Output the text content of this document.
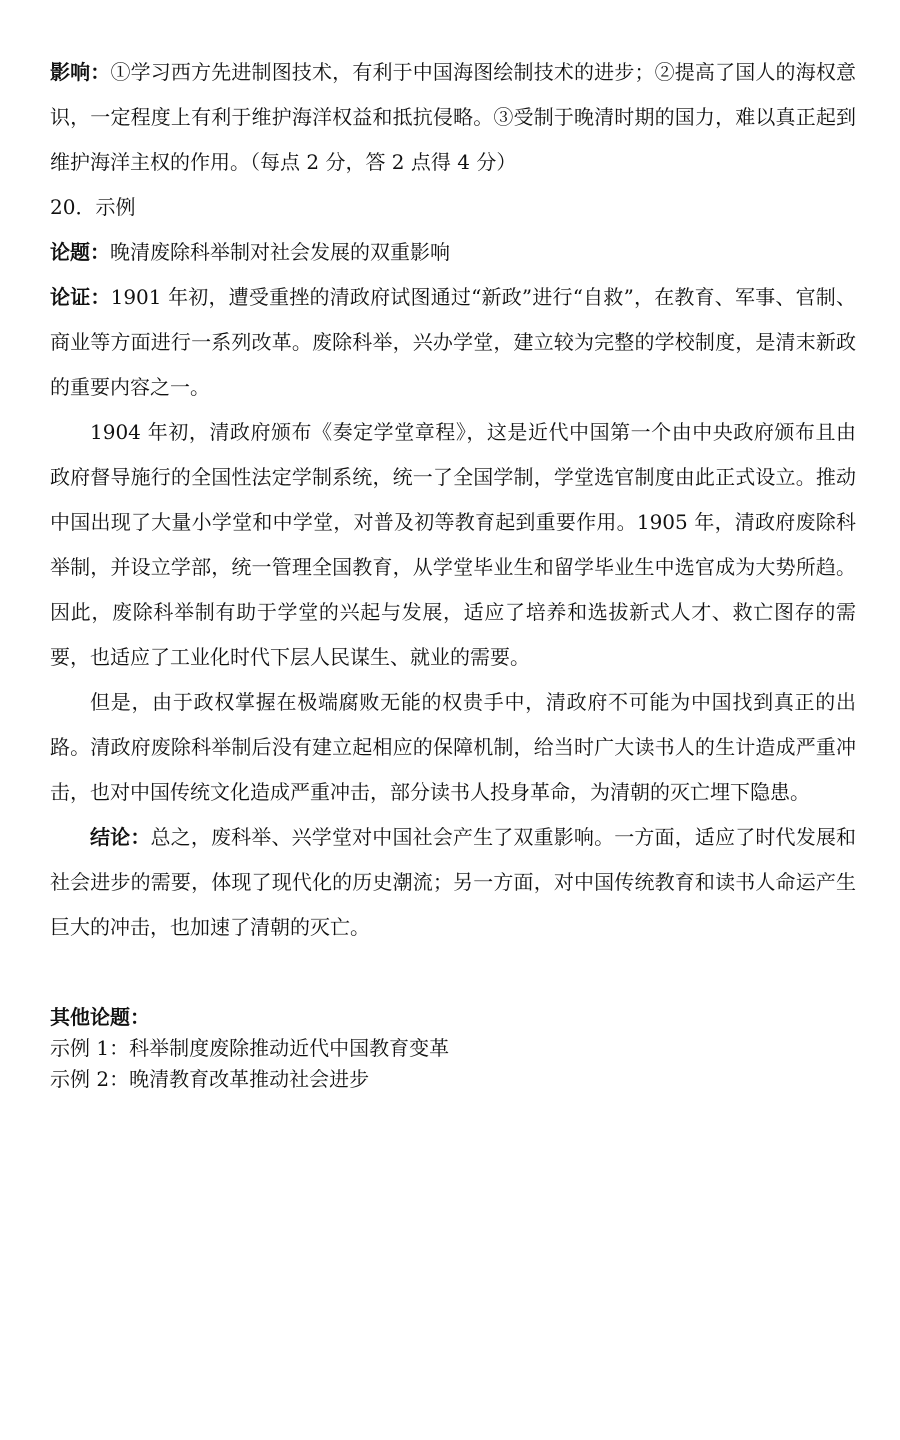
影响：①学习西方先进制图技术，有利于中国海图绘制技术的进步；②提高了国人的海权意识，一定程度上有利于维护海洋权益和抵抗侵略。③受制于晚清时期的国力，难以真正起到维护海洋主权的作用。（每点 2 分，答 2 点得 4 分）

20．示例

论题：晚清废除科举制对社会发展的双重影响

论证：1901 年初，遭受重挫的清政府试图通过“新政”进行“自救”，在教育、军事、官制、商业等方面进行一系列改革。废除科举，兴办学堂，建立较为完整的学校制度，是清末新政的重要内容之一。

1904 年初，清政府颁布《奏定学堂章程》，这是近代中国第一个由中央政府颁布且由政府督导施行的全国性法定学制系统，统一了全国学制，学堂选官制度由此正式设立。推动中国出现了大量小学堂和中学堂，对普及初等教育起到重要作用。1905 年，清政府废除科举制，并设立学部，统一管理全国教育，从学堂毕业生和留学毕业生中选官成为大势所趋。因此，废除科举制有助于学堂的兴起与发展，适应了培养和选拔新式人才、救亡图存的需要，也适应了工业化时代下层人民谋生、就业的需要。

但是，由于政权掌握在极端腐败无能的权贵手中，清政府不可能为中国找到真正的出路。清政府废除科举制后没有建立起相应的保障机制，给当时广大读书人的生计造成严重冲击，也对中国传统文化造成严重冲击，部分读书人投身革命，为清朝的灭亡埋下隐患。

结论：总之，废科举、兴学堂对中国社会产生了双重影响。一方面，适应了时代发展和社会进步的需要，体现了现代化的历史潮流；另一方面，对中国传统教育和读书人命运产生巨大的冲击，也加速了清朝的灭亡。

其他论题：

示例 1：科举制度废除推动近代中国教育变革

示例 2：晚清教育改革推动社会进步
